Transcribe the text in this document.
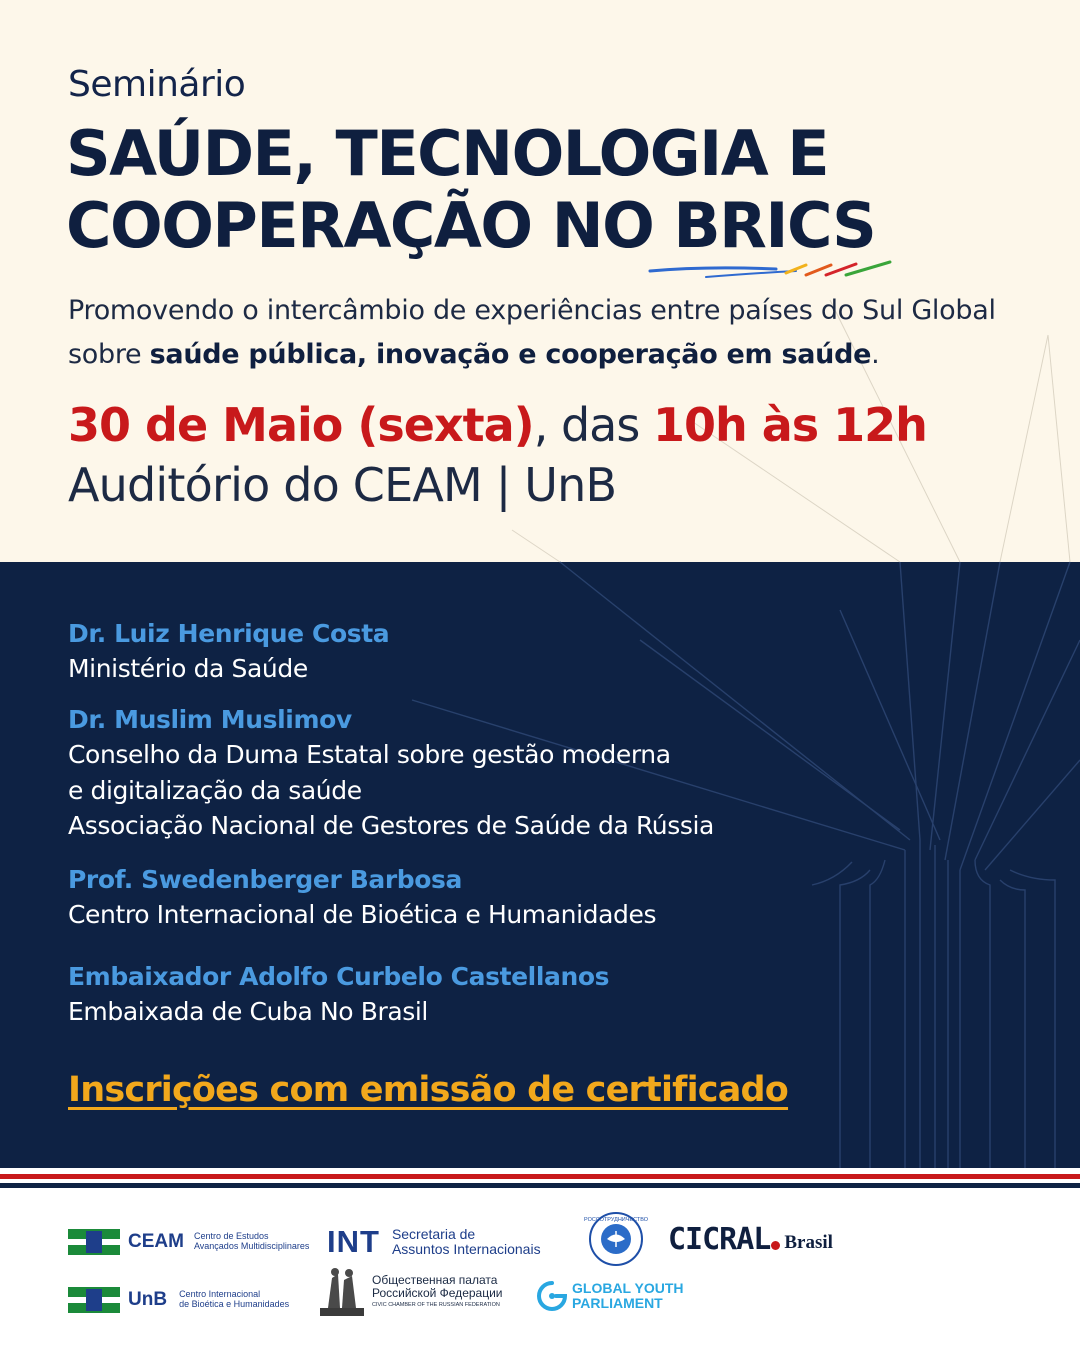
Seminário
SAÚDE, TECNOLOGIA E
COOPERAÇÃO NO BRICS
Promovendo o intercâmbio de experiências entre países do Sul Global sobre saúde pública, inovação e cooperação em saúde.
30 de Maio (sexta), das 10h às 12h
Auditório do CEAM | UnB
Dr. Luiz Henrique Costa
Ministério da Saúde
Dr. Muslim Muslimov
Conselho da Duma Estatal sobre gestão moderna
e digitalização da saúde
Associação Nacional de Gestores de Saúde da Rússia
Prof. Swedenberger Barbosa
Centro Internacional de Bioética e Humanidades
Embaixador Adolfo Curbelo Castellanos
Embaixada de Cuba No Brasil
Inscrições com emissão de certificado
CEAM Centro de Estudos
Avançados Multidisciplinares INT Secretaria de
Assuntos Internacionais
РОССОТРУДНИЧЕСТВО
CICRAL Brasil
UnB Centro Internacional
de Bioética e Humanidades
Общественная палата
Российской Федерации
CIVIC CHAMBER OF THE RUSSIAN FEDERATION
GLOBAL YOUTH
PARLIAMENT
